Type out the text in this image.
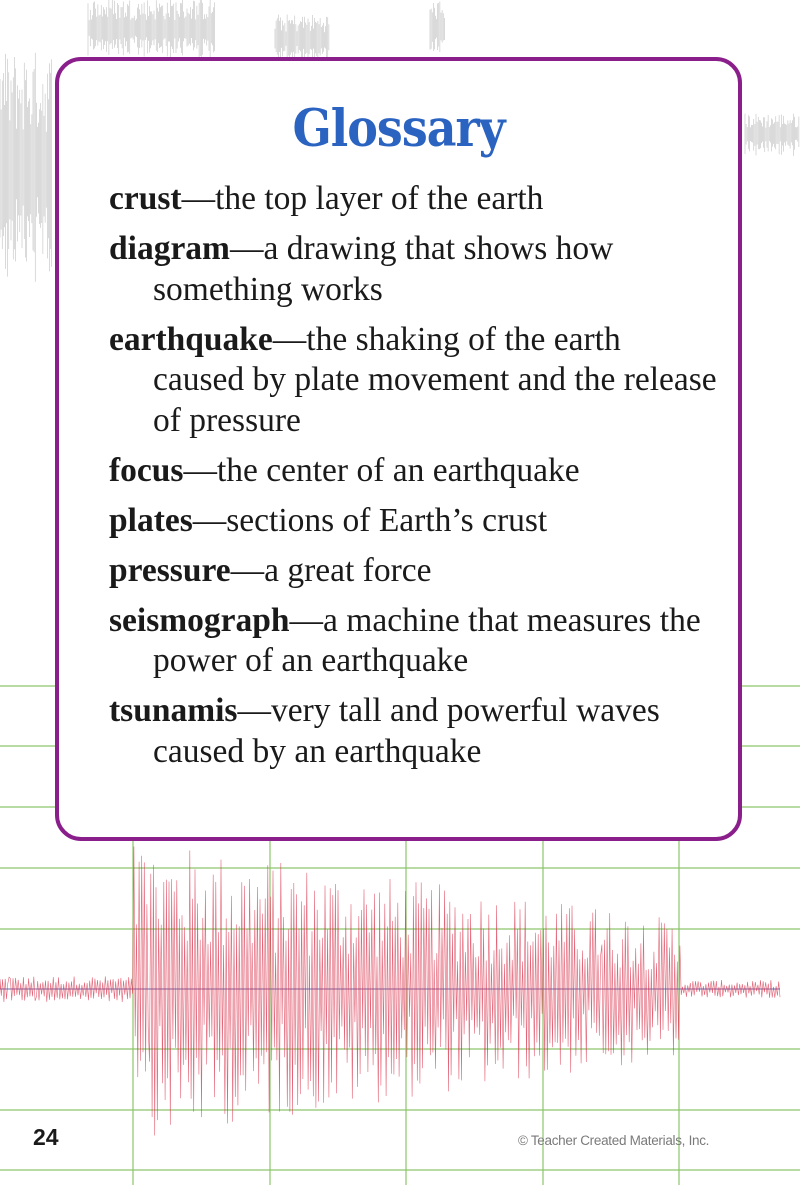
Glossary
crust—the top layer of the earth
diagram—a drawing that shows how something works
earthquake—the shaking of the earth caused by plate movement and the release of pressure
focus—the center of an earthquake
plates—sections of Earth’s crust
pressure—a great force
seismograph—a machine that measures the power of an earthquake
tsunamis—very tall and powerful waves caused by an earthquake
24	© Teacher Created Materials, Inc.
